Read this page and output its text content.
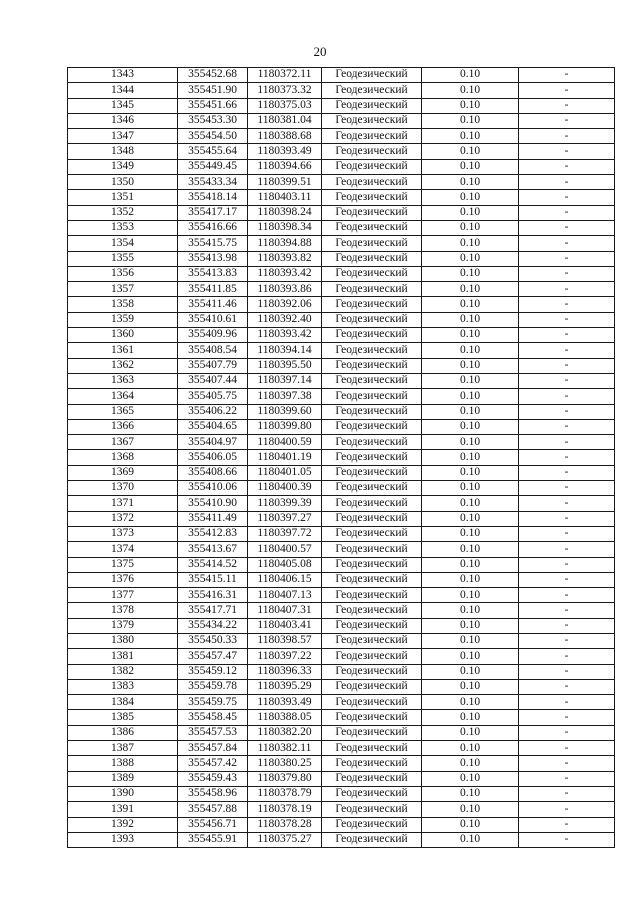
20
1343	355452.68	1180372.11	Геодезический	0.10	-
1344	355451.90	1180373.32	Геодезический	0.10	-
1345	355451.66	1180375.03	Геодезический	0.10	-
1346	355453.30	1180381.04	Геодезический	0.10	-
1347	355454.50	1180388.68	Геодезический	0.10	-
1348	355455.64	1180393.49	Геодезический	0.10	-
1349	355449.45	1180394.66	Геодезический	0.10	-
1350	355433.34	1180399.51	Геодезический	0.10	-
1351	355418.14	1180403.11	Геодезический	0.10	-
1352	355417.17	1180398.24	Геодезический	0.10	-
1353	355416.66	1180398.34	Геодезический	0.10	-
1354	355415.75	1180394.88	Геодезический	0.10	-
1355	355413.98	1180393.82	Геодезический	0.10	-
1356	355413.83	1180393.42	Геодезический	0.10	-
1357	355411.85	1180393.86	Геодезический	0.10	-
1358	355411.46	1180392.06	Геодезический	0.10	-
1359	355410.61	1180392.40	Геодезический	0.10	-
1360	355409.96	1180393.42	Геодезический	0.10	-
1361	355408.54	1180394.14	Геодезический	0.10	-
1362	355407.79	1180395.50	Геодезический	0.10	-
1363	355407.44	1180397.14	Геодезический	0.10	-
1364	355405.75	1180397.38	Геодезический	0.10	-
1365	355406.22	1180399.60	Геодезический	0.10	-
1366	355404.65	1180399.80	Геодезический	0.10	-
1367	355404.97	1180400.59	Геодезический	0.10	-
1368	355406.05	1180401.19	Геодезический	0.10	-
1369	355408.66	1180401.05	Геодезический	0.10	-
1370	355410.06	1180400.39	Геодезический	0.10	-
1371	355410.90	1180399.39	Геодезический	0.10	-
1372	355411.49	1180397.27	Геодезический	0.10	-
1373	355412.83	1180397.72	Геодезический	0.10	-
1374	355413.67	1180400.57	Геодезический	0.10	-
1375	355414.52	1180405.08	Геодезический	0.10	-
1376	355415.11	1180406.15	Геодезический	0.10	-
1377	355416.31	1180407.13	Геодезический	0.10	-
1378	355417.71	1180407.31	Геодезический	0.10	-
1379	355434.22	1180403.41	Геодезический	0.10	-
1380	355450.33	1180398.57	Геодезический	0.10	-
1381	355457.47	1180397.22	Геодезический	0.10	-
1382	355459.12	1180396.33	Геодезический	0.10	-
1383	355459.78	1180395.29	Геодезический	0.10	-
1384	355459.75	1180393.49	Геодезический	0.10	-
1385	355458.45	1180388.05	Геодезический	0.10	-
1386	355457.53	1180382.20	Геодезический	0.10	-
1387	355457.84	1180382.11	Геодезический	0.10	-
1388	355457.42	1180380.25	Геодезический	0.10	-
1389	355459.43	1180379.80	Геодезический	0.10	-
1390	355458.96	1180378.79	Геодезический	0.10	-
1391	355457.88	1180378.19	Геодезический	0.10	-
1392	355456.71	1180378.28	Геодезический	0.10	-
1393	355455.91	1180375.27	Геодезический	0.10	-
